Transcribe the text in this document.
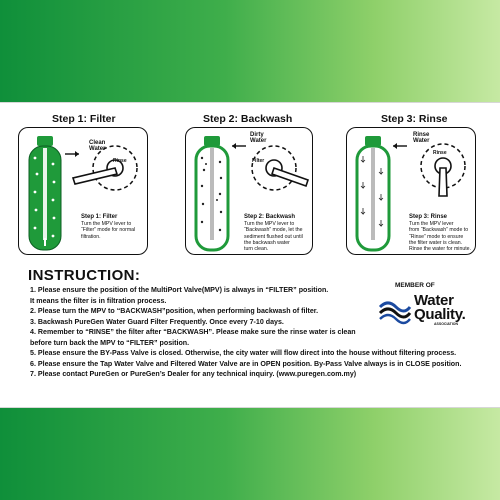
Step 1: Filter
Clean Water
Rinse
Step 1: Filter
Turn the MPV lever to
“Filter” mode for normal
filtration.
Step 2: Backwash
Dirty Water
Filter
Step 2: Backwash
Turn the MPV lever to
“Backwash” mode, let the
sediment flushed out until
the backwash water
turn clean.
Step 3: Rinse
Rinse Water
Rinse
Step 3: Rinse
Turn the MPV lever
from “Backwash” mode to
“Rinse” mode to ensure
the filter water is clean.
Rinse the water for minute.
INSTRUCTION:
1. Please ensure the position of the MultiPort Valve(MPV) is always in “FILTER” position.
It means the filter is in filtration process.
2. Please turn the MPV to “BACKWASH”position, when performing backwash of filter.
3. Backwash PureGen Water Guard Filter Frequently. Once every 7-10 days.
4. Remember to “RINSE” the filter after “BACKWASH”. Please make sure the rinse water is clean
before turn back the MPV to “FILTER” position.
5. Please ensure the BY-Pass Valve is closed. Otherwise, the city water will flow direct into the house without filtering process.
6. Please ensure the Tap Water Valve and Filtered Water Valve are in OPEN position. By-Pass Valve always is in CLOSE position.
7. Please contact PureGen or PureGen’s Dealer for any technical inquiry. (www.puregen.com.my)
MEMBER OF
Water
Quality.
ASSOCIATION
